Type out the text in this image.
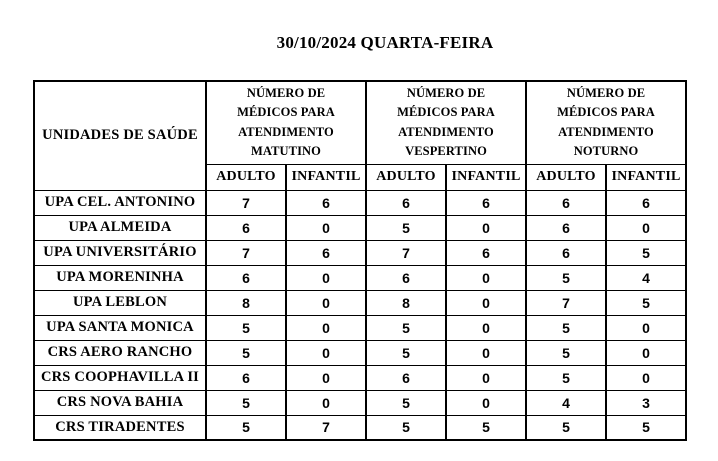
30/10/2024 QUARTA-FEIRA
UNIDADES DE SAÚDE	NÚMERO DE MÉDICOS PARA ATENDIMENTO MATUTINO		NÚMERO DE MÉDICOS PARA ATENDIMENTO VESPERTINO		NÚMERO DE MÉDICOS PARA ATENDIMENTO NOTURNO	
	ADULTO	INFANTIL	ADULTO	INFANTIL	ADULTO	INFANTIL
UPA CEL. ANTONINO	7	6	6	6	6	6
UPA ALMEIDA	6	0	5	0	6	0
UPA UNIVERSITÁRIO	7	6	7	6	6	5
UPA MORENINHA	6	0	6	0	5	4
UPA LEBLON	8	0	8	0	7	5
UPA SANTA MONICA	5	0	5	0	5	0
CRS AERO RANCHO	5	0	5	0	5	0
CRS COOPHAVILLA II	6	0	6	0	5	0
CRS NOVA BAHIA	5	0	5	0	4	3
CRS TIRADENTES	5	7	5	5	5	5
